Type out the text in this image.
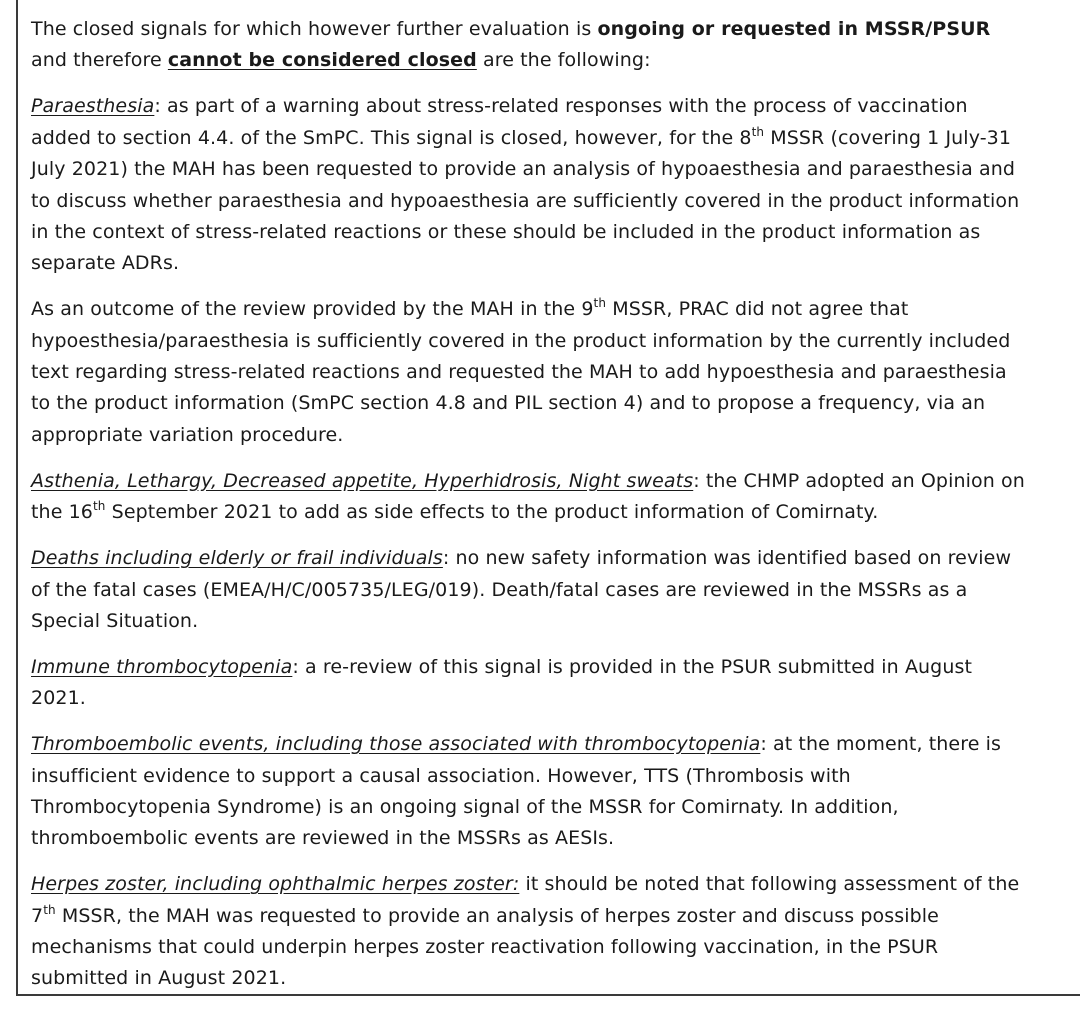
The closed signals for which however further evaluation is ongoing or requested in MSSR/PSUR
and therefore cannot be considered closed are the following:

Paraesthesia: as part of a warning about stress-related responses with the process of vaccination
added to section 4.4. of the SmPC. This signal is closed, however, for the 8th MSSR (covering 1 July-31
July 2021) the MAH has been requested to provide an analysis of hypoaesthesia and paraesthesia and
to discuss whether paraesthesia and hypoaesthesia are sufficiently covered in the product information
in the context of stress-related reactions or these should be included in the product information as
separate ADRs.

As an outcome of the review provided by the MAH in the 9th MSSR, PRAC did not agree that
hypoesthesia/paraesthesia is sufficiently covered in the product information by the currently included
text regarding stress-related reactions and requested the MAH to add hypoesthesia and paraesthesia
to the product information (SmPC section 4.8 and PIL section 4) and to propose a frequency, via an
appropriate variation procedure.

Asthenia, Lethargy, Decreased appetite, Hyperhidrosis, Night sweats: the CHMP adopted an Opinion on
the 16th September 2021 to add as side effects to the product information of Comirnaty.

Deaths including elderly or frail individuals: no new safety information was identified based on review
of the fatal cases (EMEA/H/C/005735/LEG/019). Death/fatal cases are reviewed in the MSSRs as a
Special Situation.

Immune thrombocytopenia: a re-review of this signal is provided in the PSUR submitted in August
2021.

Thromboembolic events, including those associated with thrombocytopenia: at the moment, there is
insufficient evidence to support a causal association. However, TTS (Thrombosis with
Thrombocytopenia Syndrome) is an ongoing signal of the MSSR for Comirnaty. In addition,
thromboembolic events are reviewed in the MSSRs as AESIs.

Herpes zoster, including ophthalmic herpes zoster: it should be noted that following assessment of the
7th MSSR, the MAH was requested to provide an analysis of herpes zoster and discuss possible
mechanisms that could underpin herpes zoster reactivation following vaccination, in the PSUR
submitted in August 2021.
